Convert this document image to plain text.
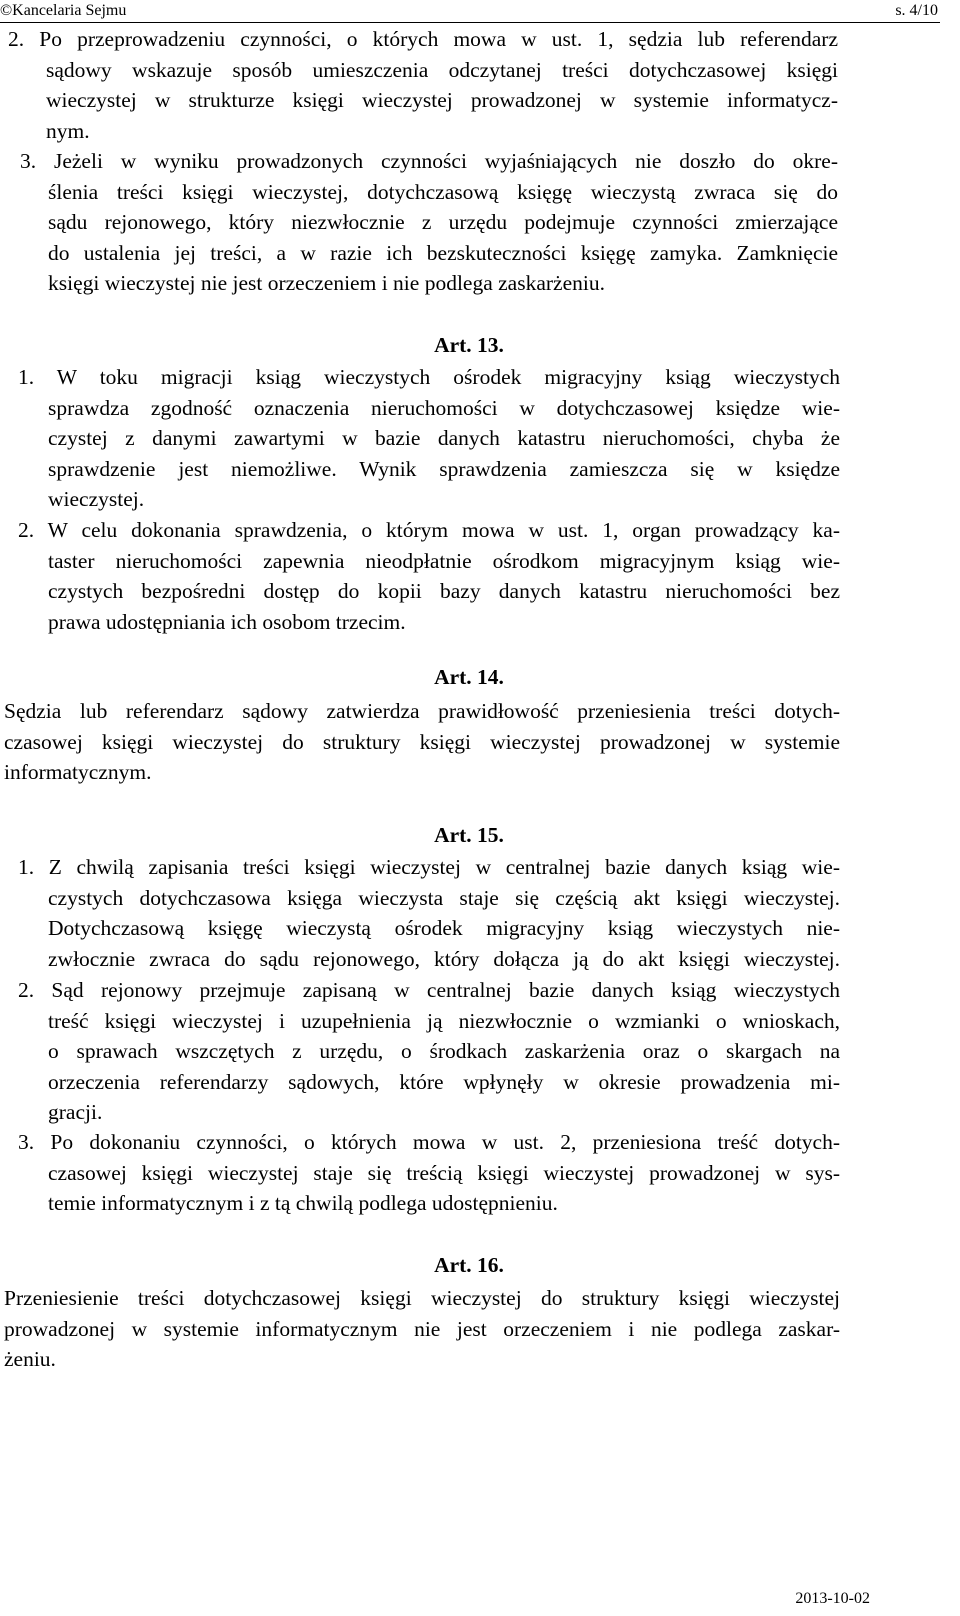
©Kancelaria Sejmu	s. 4/10
2. Po przeprowadzeniu czynności, o których mowa w ust. 1, sędzia lub referendarz
sądowy wskazuje sposób umieszczenia odczytanej treści dotychczasowej księgi
wieczystej w strukturze księgi wieczystej prowadzonej w systemie informatycz-
nym.
3. Jeżeli w wyniku prowadzonych czynności wyjaśniających nie doszło do okre-
ślenia treści księgi wieczystej, dotychczasową księgę wieczystą zwraca się do
sądu rejonowego, który niezwłocznie z urzędu podejmuje czynności zmierzające
do ustalenia jej treści, a w razie ich bezskuteczności księgę zamyka. Zamknięcie
księgi wieczystej nie jest orzeczeniem i nie podlega zaskarżeniu.
Art. 13.
1. W toku migracji ksiąg wieczystych ośrodek migracyjny ksiąg wieczystych
sprawdza zgodność oznaczenia nieruchomości w dotychczasowej księdze wie-
czystej z danymi zawartymi w bazie danych katastru nieruchomości, chyba że
sprawdzenie jest niemożliwe. Wynik sprawdzenia zamieszcza się w księdze
wieczystej.
2. W celu dokonania sprawdzenia, o którym mowa w ust. 1, organ prowadzący ka-
taster nieruchomości zapewnia nieodpłatnie ośrodkom migracyjnym ksiąg wie-
czystych bezpośredni dostęp do kopii bazy danych katastru nieruchomości bez
prawa udostępniania ich osobom trzecim.
Art. 14.
Sędzia lub referendarz sądowy zatwierdza prawidłowość przeniesienia treści dotych-
czasowej księgi wieczystej do struktury księgi wieczystej prowadzonej w systemie
informatycznym.
Art. 15.
1. Z chwilą zapisania treści księgi wieczystej w centralnej bazie danych ksiąg wie-
czystych dotychczasowa księga wieczysta staje się częścią akt księgi wieczystej.
Dotychczasową księgę wieczystą ośrodek migracyjny ksiąg wieczystych nie-
zwłocznie zwraca do sądu rejonowego, który dołącza ją do akt księgi wieczystej.
2. Sąd rejonowy przejmuje zapisaną w centralnej bazie danych ksiąg wieczystych
treść księgi wieczystej i uzupełnienia ją niezwłocznie o wzmianki o wnioskach,
o sprawach wszczętych z urzędu, o środkach zaskarżenia oraz o skargach na
orzeczenia referendarzy sądowych, które wpłynęły w okresie prowadzenia mi-
gracji.
3. Po dokonaniu czynności, o których mowa w ust. 2, przeniesiona treść dotych-
czasowej księgi wieczystej staje się treścią księgi wieczystej prowadzonej w sys-
temie informatycznym i z tą chwilą podlega udostępnieniu.
Art. 16.
Przeniesienie treści dotychczasowej księgi wieczystej do struktury księgi wieczystej
prowadzonej w systemie informatycznym nie jest orzeczeniem i nie podlega zaskar-
żeniu.
2013-10-02
